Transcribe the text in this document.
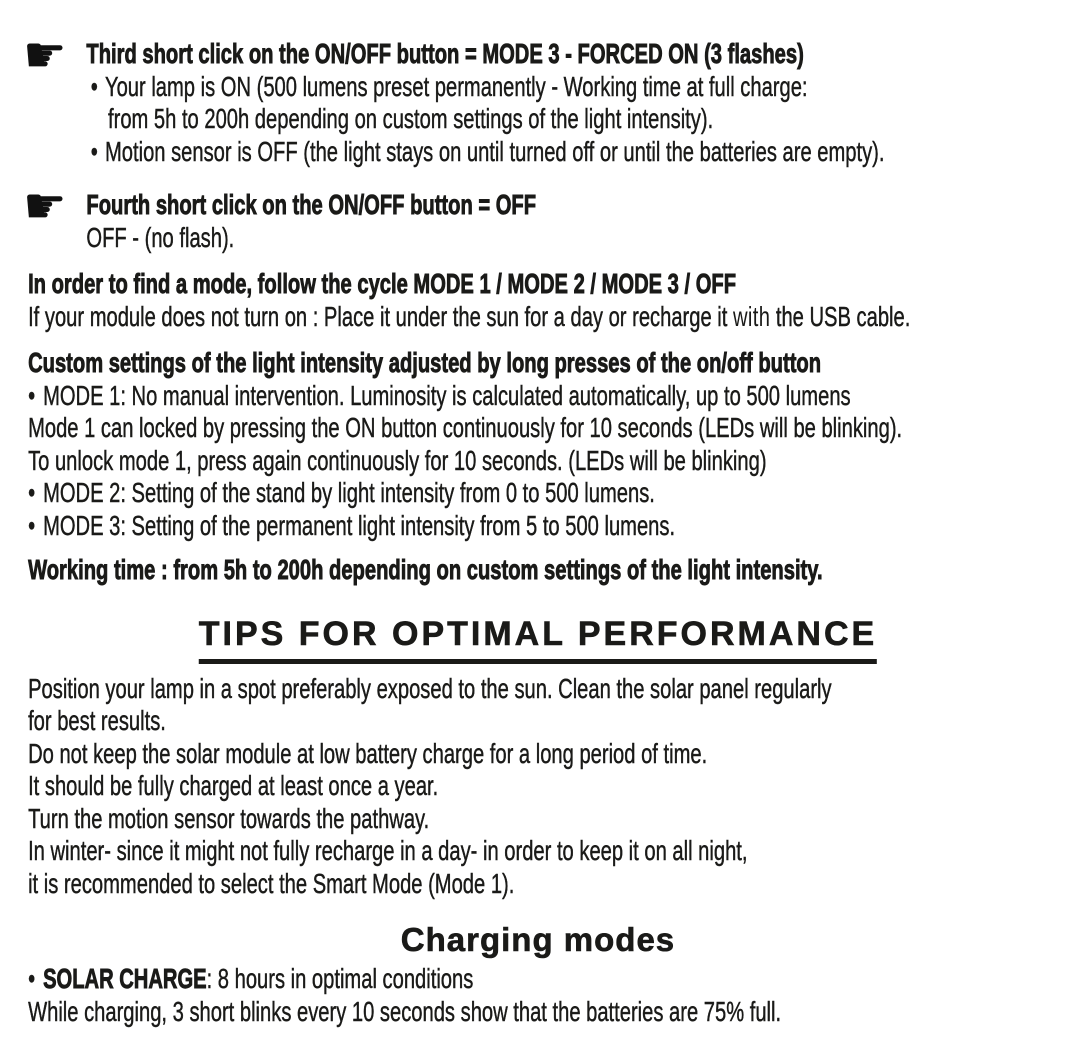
☛ Third short click on the ON/OFF button = MODE 3 - FORCED ON (3 flashes)
• Your lamp is ON (500 lumens preset permanently - Working time at full charge:
from 5h to 200h depending on custom settings of the light intensity).
• Motion sensor is OFF (the light stays on until turned off or until the batteries are empty).
☛ Fourth short click on the ON/OFF button = OFF
OFF - (no flash).
In order to find a mode, follow the cycle MODE 1 / MODE 2 / MODE 3 / OFF
If your module does not turn on : Place it under the sun for a day or recharge it with the USB cable.
Custom settings of the light intensity adjusted by long presses of the on/off button
• MODE 1: No manual intervention. Luminosity is calculated automatically, up to 500 lumens
Mode 1 can locked by pressing the ON button continuously for 10 seconds (LEDs will be blinking).
To unlock mode 1, press again continuously for 10 seconds. (LEDs will be blinking)
• MODE 2: Setting of the stand by light intensity from 0 to 500 lumens.
• MODE 3: Setting of the permanent light intensity from 5 to 500 lumens.
Working time : from 5h to 200h depending on custom settings of the light intensity.
TIPS FOR OPTIMAL PERFORMANCE
Position your lamp in a spot preferably exposed to the sun. Clean the solar panel regularly
for best results.
Do not keep the solar module at low battery charge for a long period of time.
It should be fully charged at least once a year.
Turn the motion sensor towards the pathway.
In winter- since it might not fully recharge in a day- in order to keep it on all night,
it is recommended to select the Smart Mode (Mode 1).
Charging modes
• SOLAR CHARGE: 8 hours in optimal conditions
While charging, 3 short blinks every 10 seconds show that the batteries are 75% full.
